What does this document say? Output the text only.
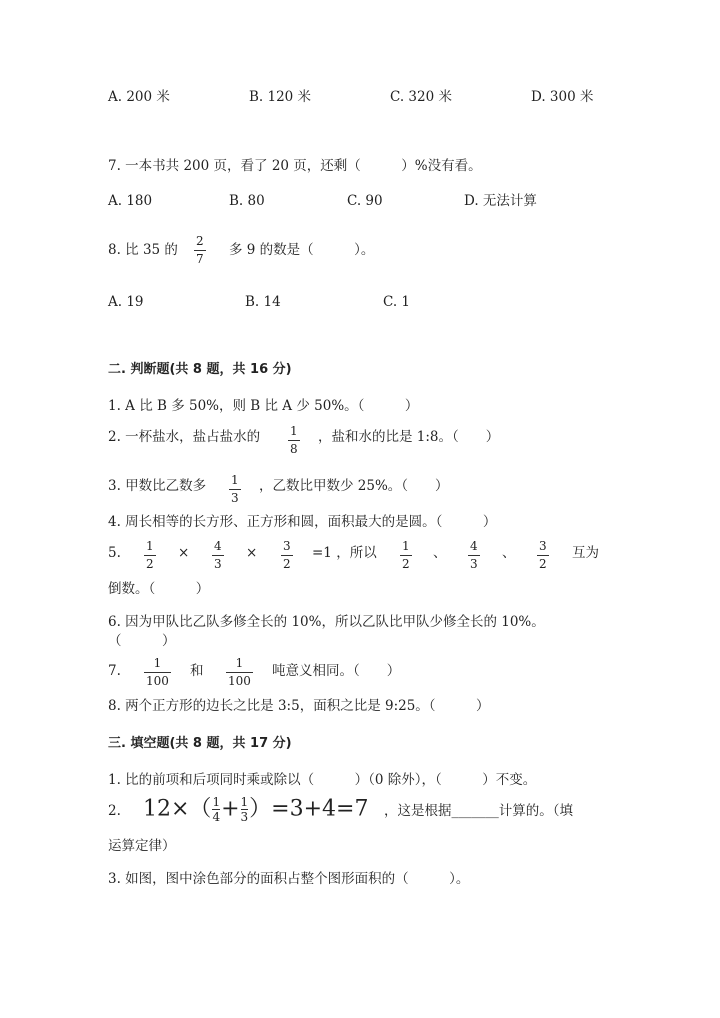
A. 200 米	B. 120 米	C. 320 米	D. 300 米
7. 一本书共 200 页，看了 20 页，还剩（　　　）%没有看。
A. 180	B. 80	C. 90	D. 无法计算
8. 比 35 的
2
7
多 9 的数是（　　　）。
A. 19	B. 14	C. 1
二. 判断题(共 8 题，共 16 分)
1. A 比 B 多 50%，则 B 比 A 少 50%。（　　　）
2. 一杯盐水，盐占盐水的 1
8
，盐和水的比是 1:8。（　　）
3. 甲数比乙数多 1
3
，乙数比甲数少 25%。（　　）
4. 周长相等的长方形、正方形和圆，面积最大的是圆。（　　　）
5. 1
2
× 4
3
× 3
2
=1 ，所以 1
2
、 4
3
、 3
2
互为
倒数。（　　　）
6. 因为甲队比乙队多修全长的 10%，所以乙队比甲队少修全长的 10%。
（　　　）
7.	1
100
和	1
100
吨意义相同。（　　）
8. 两个正方形的边长之比是 3:5，面积之比是 9:25。（　　　）
三. 填空题(共 8 题，共 17 分)
1. 比的前项和后项同时乘或除以（　　　）（0 除外），（　　　）不变。
2. $12\times( \frac{1}{4} + \frac{1}{3} )=3+4=7$ ，这是根据_______计算的。（填
运算定律）
3. 如图，图中涂色部分的面积占整个图形面积的（　　　）。
